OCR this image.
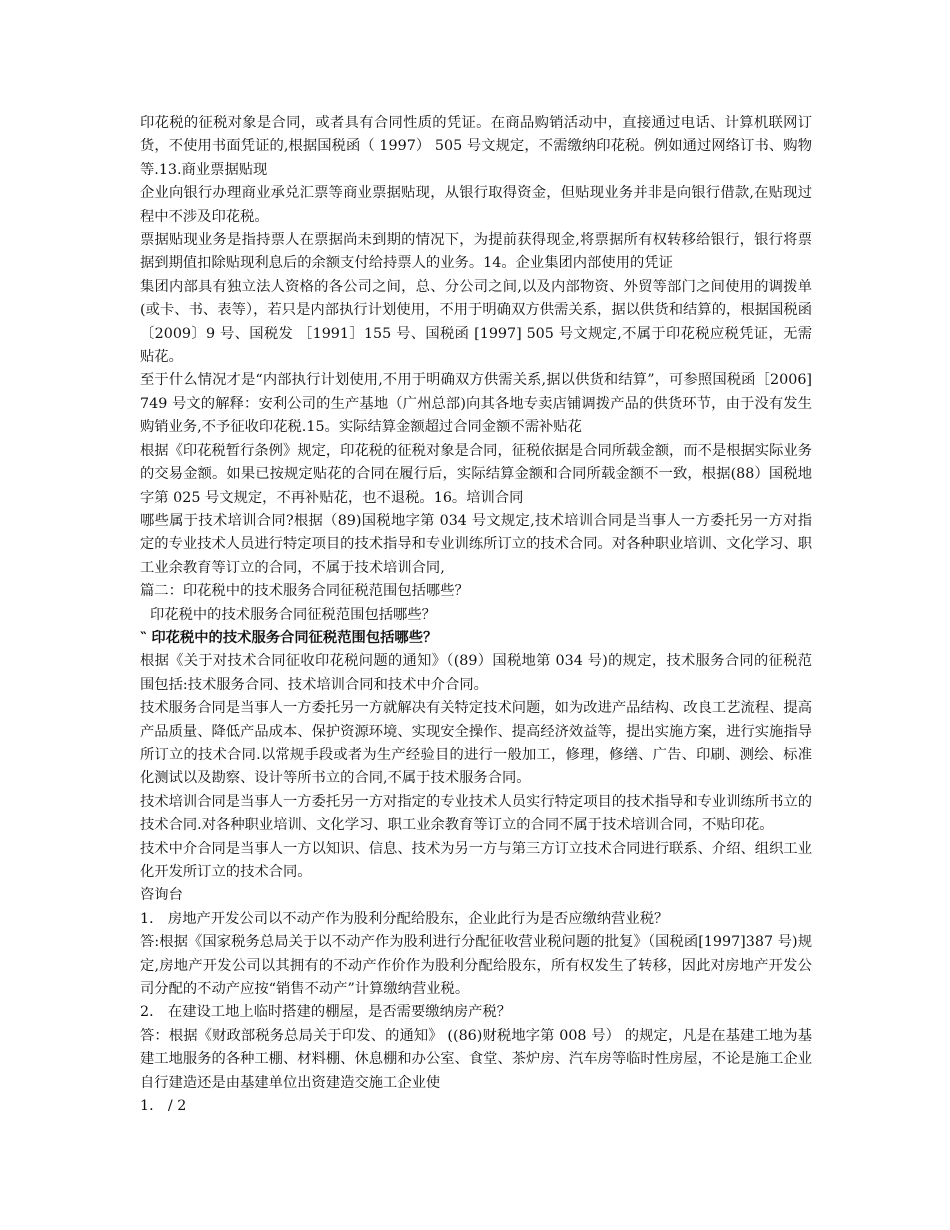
印花税的征税对象是合同，或者具有合同性质的凭证。在商品购销活动中，直接通过电话、计算机联网订货，不使用书面凭证的,根据国税函（ 1997） 505 号文规定，不需缴纳印花税。例如通过网络订书、购物等.13.商业票据贴现

企业向银行办理商业承兑汇票等商业票据贴现，从银行取得资金，但贴现业务并非是向银行借款,在贴现过程中不涉及印花税。

票据贴现业务是指持票人在票据尚未到期的情况下，为提前获得现金,将票据所有权转移给银行，银行将票据到期值扣除贴现利息后的余额支付给持票人的业务。14。企业集团内部使用的凭证

集团内部具有独立法人资格的各公司之间，总、分公司之间,以及内部物资、外贸等部门之间使用的调拨单(或卡、书、表等），若只是内部执行计划使用，不用于明确双方供需关系，据以供货和结算的，根据国税函〔2009〕9 号、国税发 ［1991］155 号、国税函 [1997] 505 号文规定,不属于印花税应税凭证，无需贴花。

至于什么情况才是“内部执行计划使用,不用于明确双方供需关系,据以供货和结算”，可参照国税函［2006]749 号文的解释：安利公司的生产基地（广州总部)向其各地专卖店铺调拨产品的供货环节，由于没有发生购销业务,不予征收印花税.15。实际结算金额超过合同金额不需补贴花

根据《印花税暂行条例》规定，印花税的征税对象是合同，征税依据是合同所载金额，而不是根据实际业务的交易金额。如果已按规定贴花的合同在履行后，实际结算金额和合同所载金额不一致，根据(88）国税地字第 025 号文规定，不再补贴花，也不退税。16。培训合同

哪些属于技术培训合同?根据（89)国税地字第 034 号文规定,技术培训合同是当事人一方委托另一方对指定的专业技术人员进行特定项目的技术指导和专业训练所订立的技术合同。对各种职业培训、文化学习、职工业余教育等订立的合同，不属于技术培训合同,

篇二：印花税中的技术服务合同征税范围包括哪些？

印花税中的技术服务合同征税范围包括哪些？

‶ 印花税中的技术服务合同征税范围包括哪些？

根据《关于对技术合同征收印花税问题的通知》（(89）国税地第 034 号)的规定，技术服务合同的征税范围包括:技术服务合同、技术培训合同和技术中介合同。

技术服务合同是当事人一方委托另一方就解决有关特定技术问题，如为改进产品结构、改良工艺流程、提高产品质量、降低产品成本、保护资源环境、实现安全操作、提高经济效益等，提出实施方案，进行实施指导所订立的技术合同.以常规手段或者为生产经验目的进行一般加工，修理，修缮、广告、印刷、测绘、标准化测试以及勘察、设计等所书立的合同,不属于技术服务合同。

技术培训合同是当事人一方委托另一方对指定的专业技术人员实行特定项目的技术指导和专业训练所书立的技术合同.对各种职业培训、文化学习、职工业余教育等订立的合同不属于技术培训合同，不贴印花。

技术中介合同是当事人一方以知识、信息、技术为另一方与第三方订立技术合同进行联系、介绍、组织工业化开发所订立的技术合同。

咨询台

1． 房地产开发公司以不动产作为股利分配给股东，企业此行为是否应缴纳营业税？

答:根据《国家税务总局关于以不动产作为股利进行分配征收营业税问题的批复》（国税函[1997]387 号)规定,房地产开发公司以其拥有的不动产作价作为股利分配给股东，所有权发生了转移，因此对房地产开发公司分配的不动产应按“销售不动产”计算缴纳营业税。

2． 在建设工地上临时搭建的棚屋，是否需要缴纳房产税？

答：根据《财政部税务总局关于印发、的通知》 ((86)财税地字第 008 号） 的规定，凡是在基建工地为基建工地服务的各种工棚、材料棚、休息棚和办公室、食堂、茶炉房、汽车房等临时性房屋，不论是施工企业自行建造还是由基建单位出资建造交施工企业使

1． / 2
